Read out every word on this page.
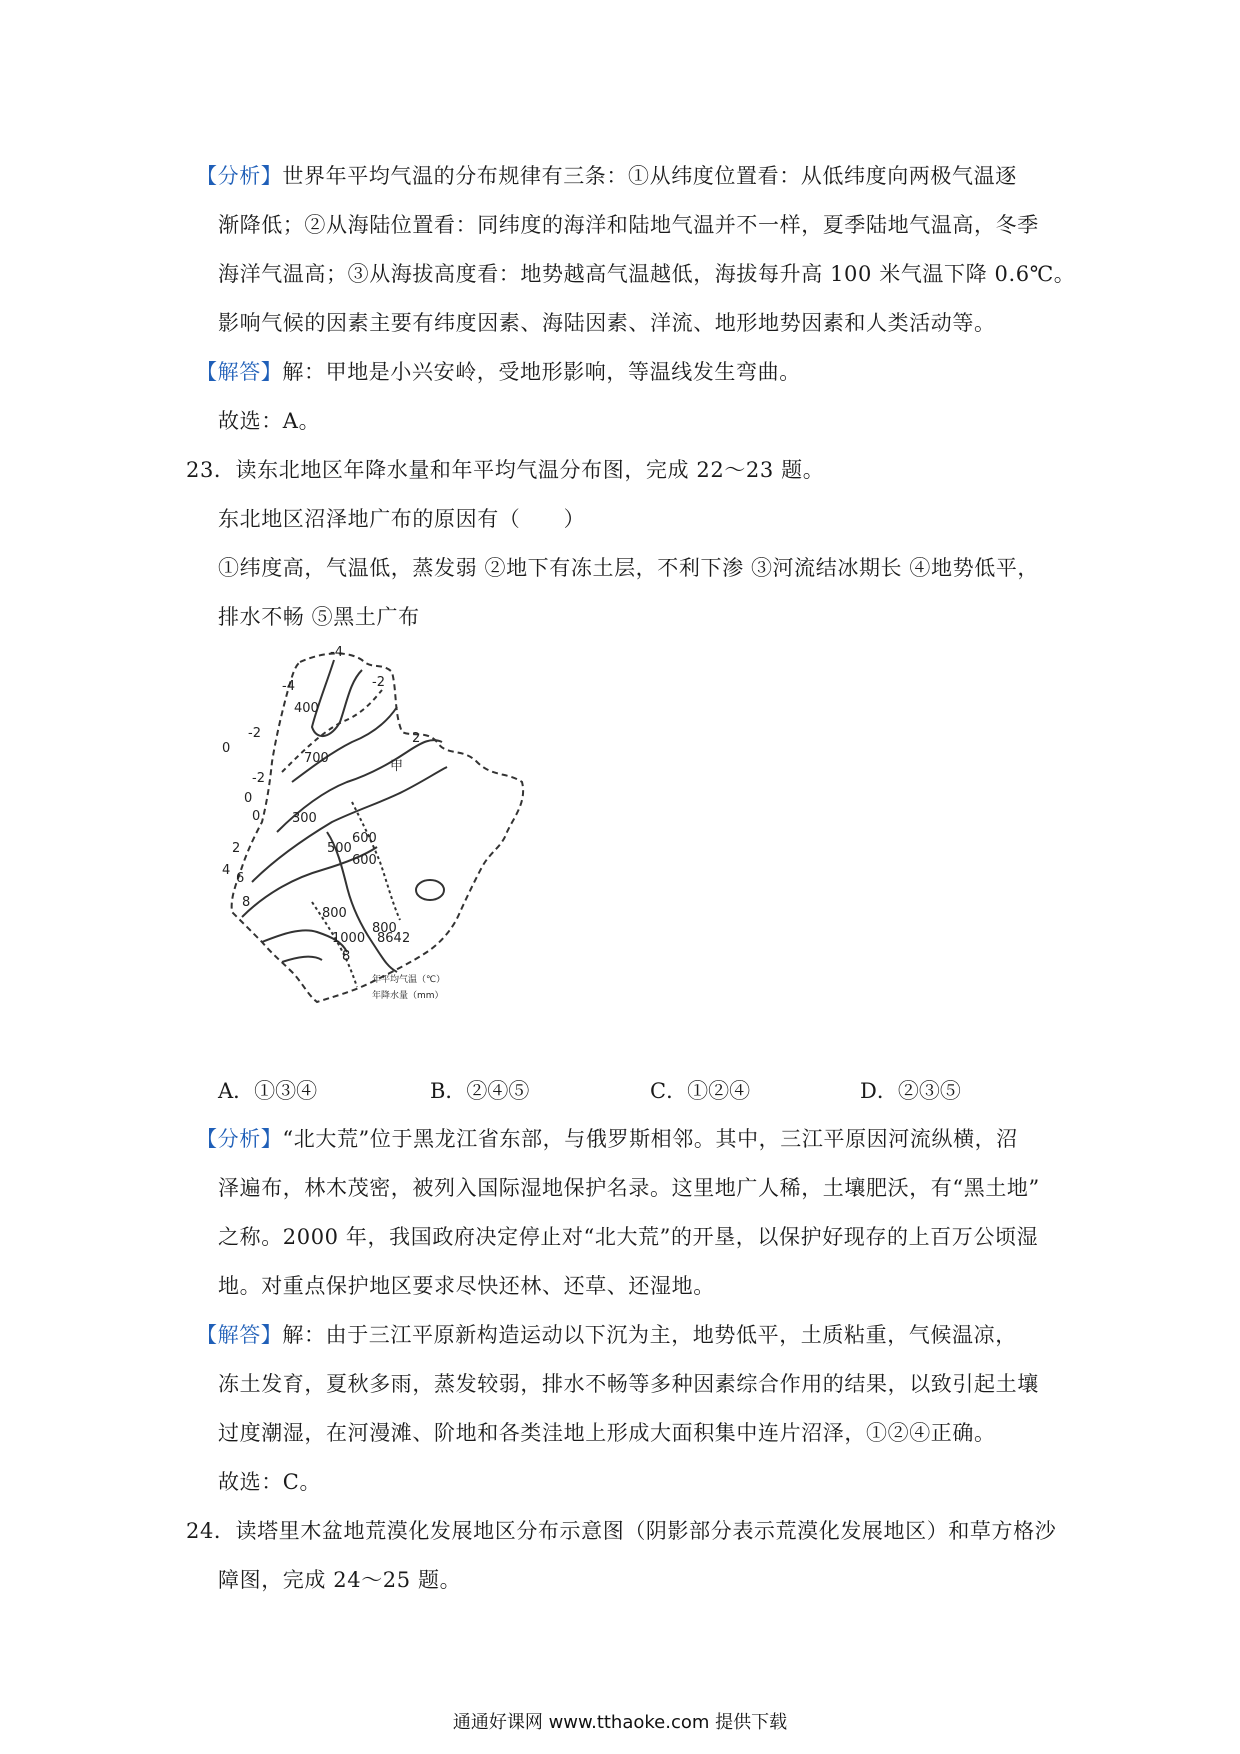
【分析】世界年平均气温的分布规律有三条：①从纬度位置看：从低纬度向两极气温逐
渐降低；②从海陆位置看：同纬度的海洋和陆地气温并不一样，夏季陆地气温高，冬季
海洋气温高；③从海拔高度看：地势越高气温越低，海拔每升高 100 米气温下降 0.6℃。
影响气候的因素主要有纬度因素、海陆因素、洋流、地形地势因素和人类活动等。
【解答】解：甲地是小兴安岭，受地形影响，等温线发生弯曲。
故选：A。
23．读东北地区年降水量和年平均气温分布图，完成 22～23 题。
东北地区沼泽地广布的原因有（　　）
①纬度高，气温低，蒸发弱 ②地下有冻土层，不利下渗 ③河流结冰期长 ④地势低平，
排水不畅 ⑤黑土广布
-4
-4	-2
-2
-2
0
0
0
2
2
2
4
6
8
8
400
300
500
600
600
700
800
800
1000 864
甲
年平均气温（℃）
年降水量（mm）
A．①③④	B．②④⑤	C．①②④	D．②③⑤
【分析】“北大荒”位于黑龙江省东部，与俄罗斯相邻。其中，三江平原因河流纵横，沼
泽遍布，林木茂密，被列入国际湿地保护名录。这里地广人稀，土壤肥沃，有“黑土地”
之称。2000 年，我国政府决定停止对“北大荒”的开垦，以保护好现存的上百万公顷湿
地。对重点保护地区要求尽快还林、还草、还湿地。
【解答】解：由于三江平原新构造运动以下沉为主，地势低平，土质粘重，气候温凉，
冻土发育，夏秋多雨，蒸发较弱，排水不畅等多种因素综合作用的结果，以致引起土壤
过度潮湿，在河漫滩、阶地和各类洼地上形成大面积集中连片沼泽，①②④正确。
故选：C。
24．读塔里木盆地荒漠化发展地区分布示意图（阴影部分表示荒漠化发展地区）和草方格沙
障图，完成 24～25 题。
通通好课网 www.tthaoke.com 提供下载
